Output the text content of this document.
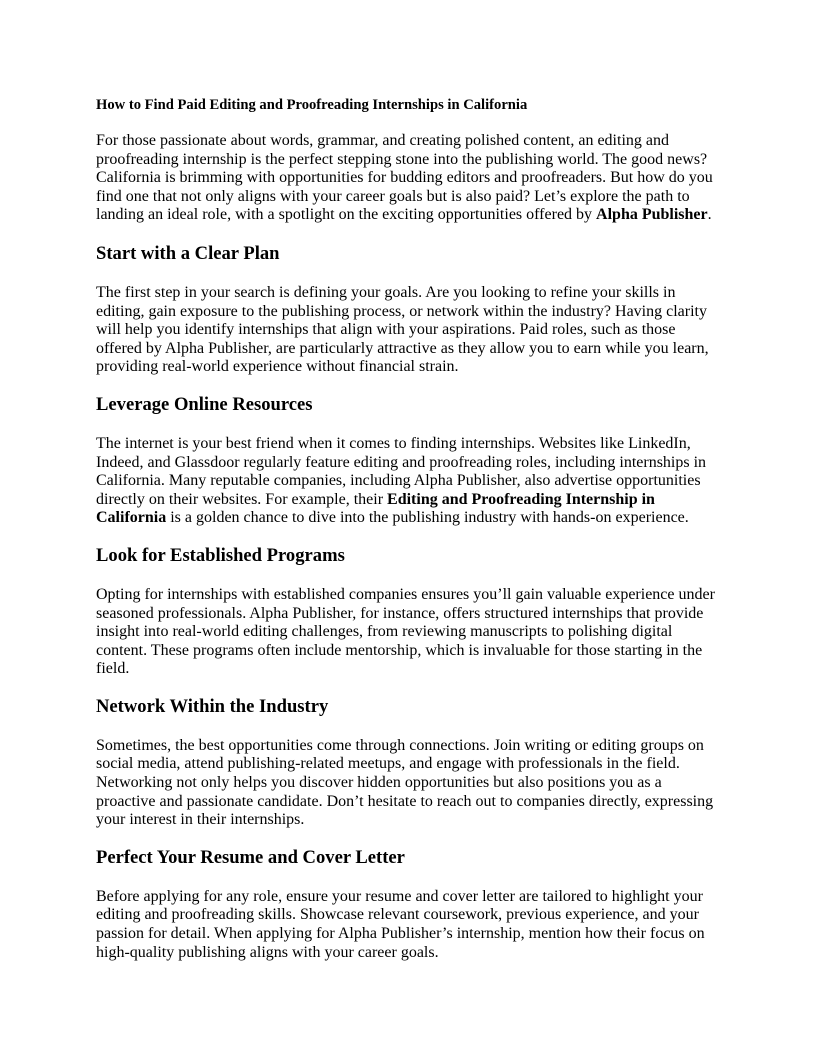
How to Find Paid Editing and Proofreading Internships in California

For those passionate about words, grammar, and creating polished content, an editing and proofreading internship is the perfect stepping stone into the publishing world. The good news? California is brimming with opportunities for budding editors and proofreaders. But how do you find one that not only aligns with your career goals but is also paid? Let’s explore the path to landing an ideal role, with a spotlight on the exciting opportunities offered by Alpha Publisher.

Start with a Clear Plan

The first step in your search is defining your goals. Are you looking to refine your skills in editing, gain exposure to the publishing process, or network within the industry? Having clarity will help you identify internships that align with your aspirations. Paid roles, such as those offered by Alpha Publisher, are particularly attractive as they allow you to earn while you learn, providing real-world experience without financial strain.

Leverage Online Resources

The internet is your best friend when it comes to finding internships. Websites like LinkedIn, Indeed, and Glassdoor regularly feature editing and proofreading roles, including internships in California. Many reputable companies, including Alpha Publisher, also advertise opportunities directly on their websites. For example, their Editing and Proofreading Internship in California is a golden chance to dive into the publishing industry with hands-on experience.

Look for Established Programs

Opting for internships with established companies ensures you’ll gain valuable experience under seasoned professionals. Alpha Publisher, for instance, offers structured internships that provide insight into real-world editing challenges, from reviewing manuscripts to polishing digital content. These programs often include mentorship, which is invaluable for those starting in the field.

Network Within the Industry

Sometimes, the best opportunities come through connections. Join writing or editing groups on social media, attend publishing-related meetups, and engage with professionals in the field. Networking not only helps you discover hidden opportunities but also positions you as a proactive and passionate candidate. Don’t hesitate to reach out to companies directly, expressing your interest in their internships.

Perfect Your Resume and Cover Letter

Before applying for any role, ensure your resume and cover letter are tailored to highlight your editing and proofreading skills. Showcase relevant coursework, previous experience, and your passion for detail. When applying for Alpha Publisher’s internship, mention how their focus on high-quality publishing aligns with your career goals.
